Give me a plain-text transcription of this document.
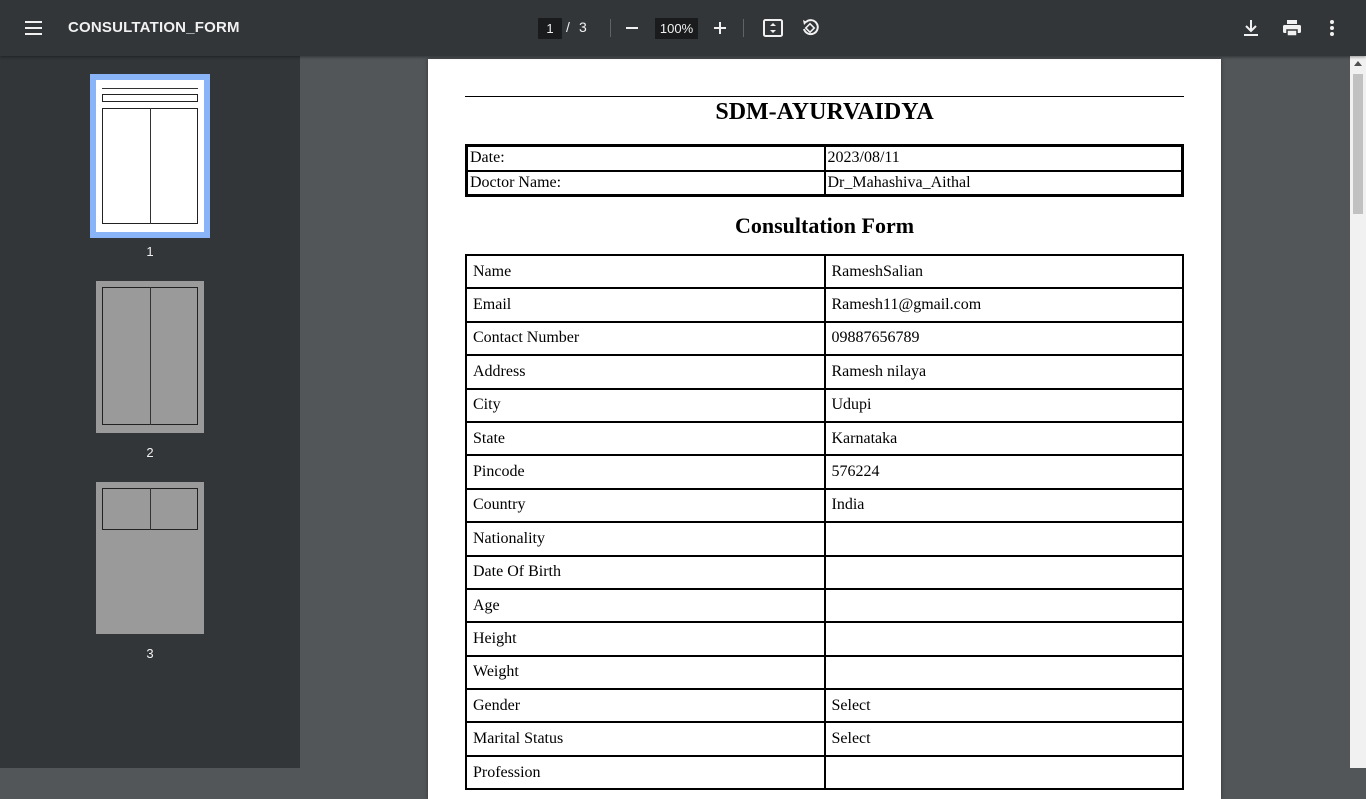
CONSULTATION_FORM	1 / 3	100%
1
2
3
SDM-AYURVAIDYA
Date:	2023/08/11
Doctor Name:	Dr_Mahashiva_Aithal
Consultation Form
Name	RameshSalian
Email	Ramesh11@gmail.com
Contact Number	09887656789
Address	Ramesh nilaya
City	Udupi
State	Karnataka
Pincode	576224
Country	India
Nationality	
Date Of Birth	
Age	
Height	
Weight	
Gender	Select
Marital Status	Select
Profession	
